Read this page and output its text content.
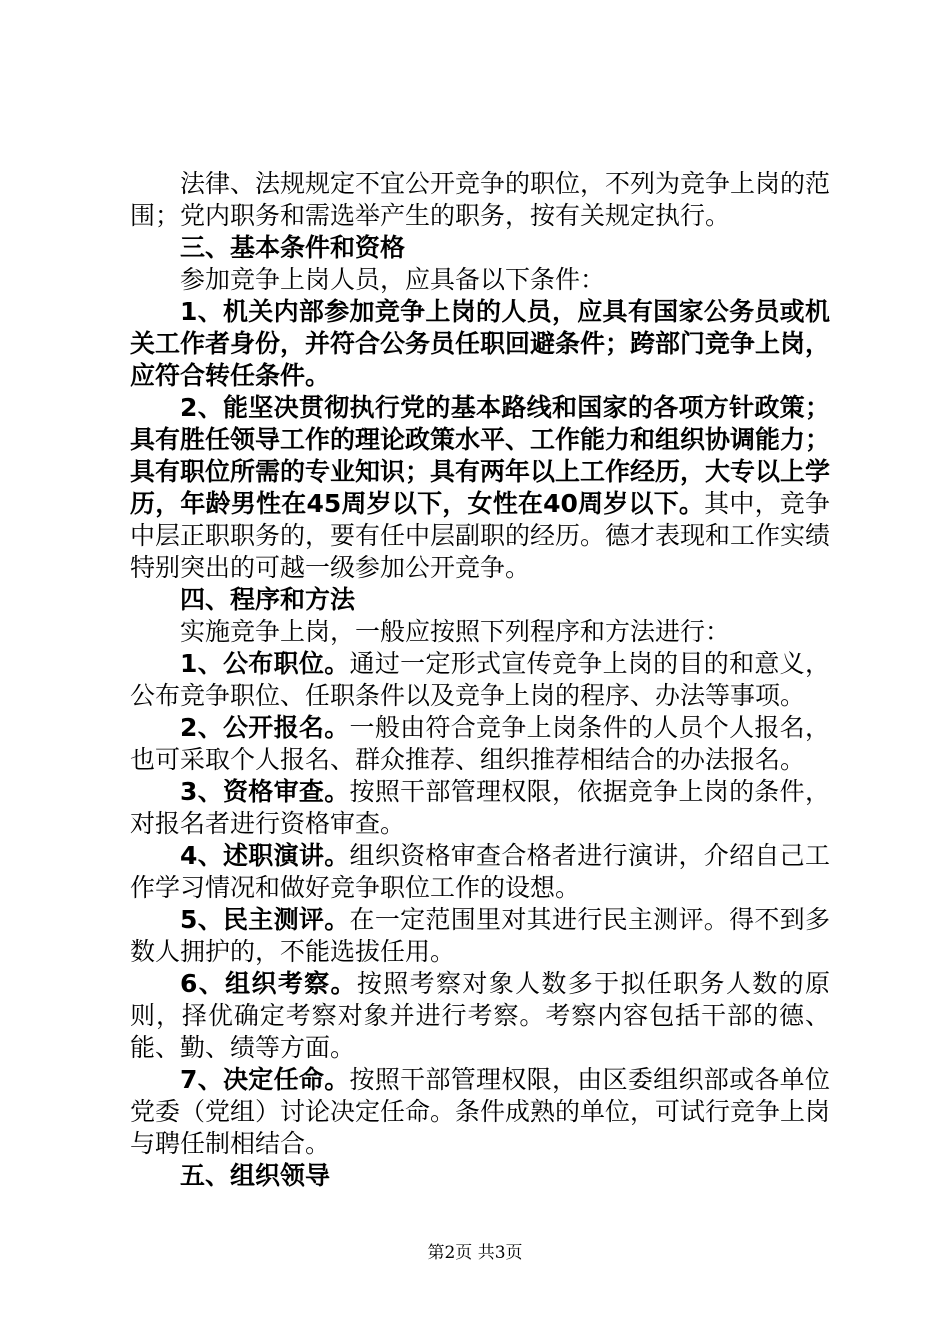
法律、法规规定不宜公开竞争的职位，不列为竞争上岗的范围；党内职务和需选举产生的职务，按有关规定执行。

三、基本条件和资格

参加竞争上岗人员，应具备以下条件：

1、机关内部参加竞争上岗的人员，应具有国家公务员或机关工作者身份，并符合公务员任职回避条件；跨部门竞争上岗，应符合转任条件。

2、能坚决贯彻执行党的基本路线和国家的各项方针政策；具有胜任领导工作的理论政策水平、工作能力和组织协调能力；具有职位所需的专业知识；具有两年以上工作经历，大专以上学历，年龄男性在45周岁以下，女性在40周岁以下。其中，竞争中层正职职务的，要有任中层副职的经历。德才表现和工作实绩特别突出的可越一级参加公开竞争。

四、程序和方法

实施竞争上岗，一般应按照下列程序和方法进行：

1、公布职位。通过一定形式宣传竞争上岗的目的和意义，公布竞争职位、任职条件以及竞争上岗的程序、办法等事项。

2、公开报名。一般由符合竞争上岗条件的人员个人报名，也可采取个人报名、群众推荐、组织推荐相结合的办法报名。

3、资格审查。按照干部管理权限，依据竞争上岗的条件，对报名者进行资格审查。

4、述职演讲。组织资格审查合格者进行演讲，介绍自己工作学习情况和做好竞争职位工作的设想。

5、民主测评。在一定范围里对其进行民主测评。得不到多数人拥护的，不能选拔任用。

6、组织考察。按照考察对象人数多于拟任职务人数的原则，择优确定考察对象并进行考察。考察内容包括干部的德、能、勤、绩等方面。

7、决定任命。按照干部管理权限，由区委组织部或各单位党委（党组）讨论决定任命。条件成熟的单位，可试行竞争上岗与聘任制相结合。

五、组织领导

第2页 共3页
